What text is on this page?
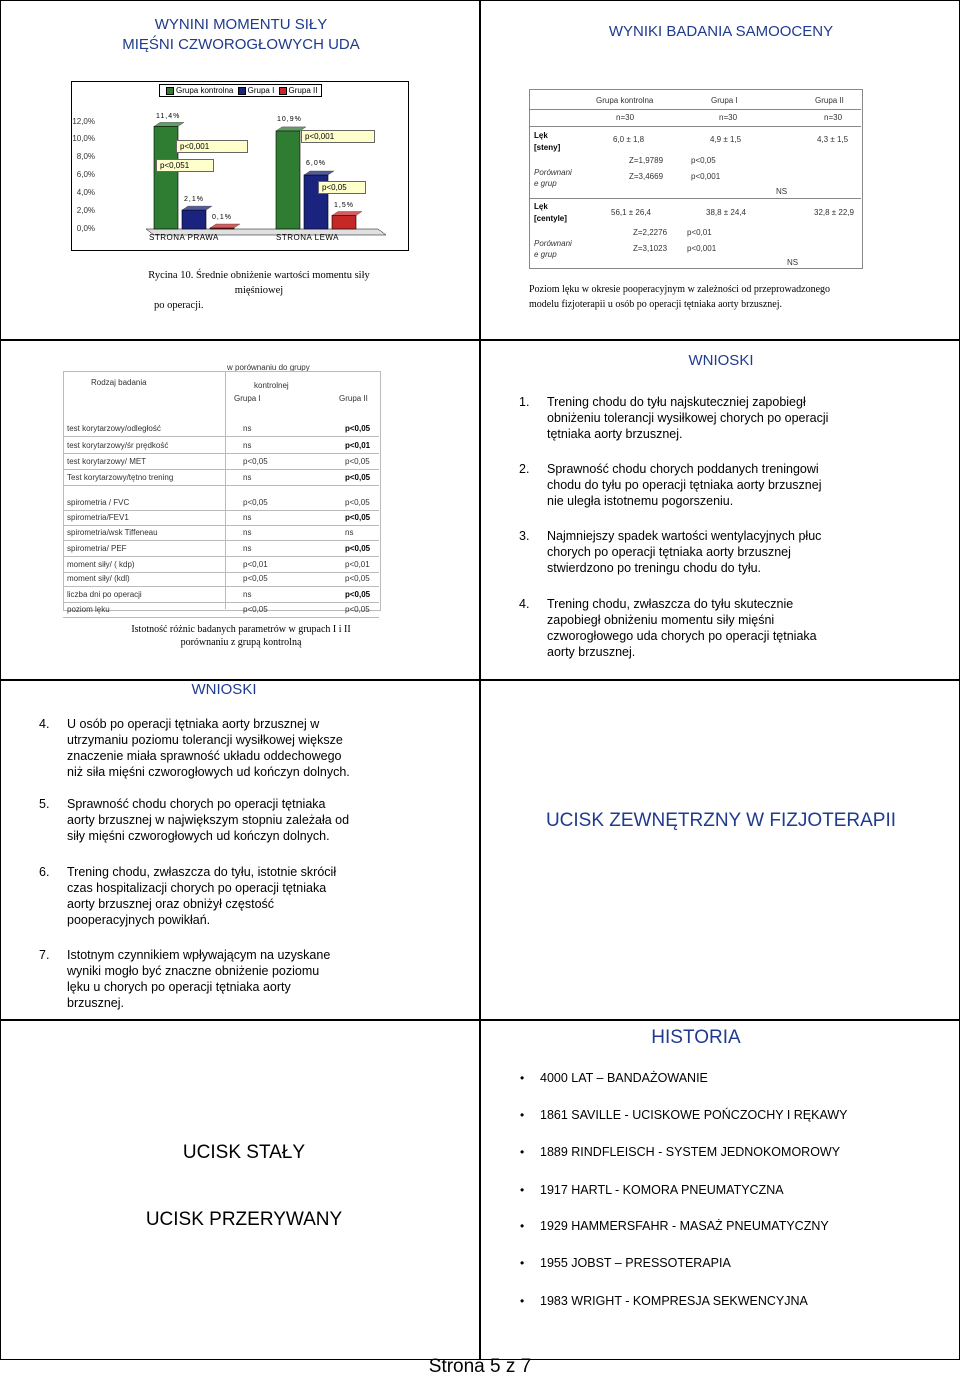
WYNINI MOMENTU SIŁY
MIĘŚNI CZWOROGŁOWYCH UDA
Grupa kontrolna Grupa I Grupa II
12,0%
10,0%
8,0%
6,0%
4,0%
2,0%
0,0%
11,4%
2,1%
0,1%
10,9%
6,0%
1,5%
p<0,001
p<0,051
p<0,001
p<0,05
STRONA PRAWA	STRONA LEWA
Rycina 10. Średnie obniżenie wartości momentu siły mięśniowej
po operacji.
WYNIKI BADANIA SAMOOCENY
Grupa kontrolna	Grupa I	Grupa II
n=30	n=30	n=30
Lęk
[steny]
6,0 ± 1,8	4,9 ± 1,5	4,3 ± 1,5
Porównani
e grup
Z=1,9789	p<0,05
Z=3,4669	p<0,001
NS
Lęk
[centyle]
56,1 ± 26,4	38,8 ± 24,4	32,8 ± 22,9
Porównani
e grup
Z=2,2276 p<0,01
Z=3,1023 p<0,001
NS
Poziom lęku w okresie pooperacyjnym w zależności od przeprowadzonego
modelu fizjoterapii u osób po operacji tętniaka aorty brzusznej.
w porównaniu do grupy
kontrolnej
Rodzaj badania
Grupa I	Grupa II
test korytarzowy/odległość	ns	p<0,05
test korytarzowy/śr prędkość	ns	p<0,01
test korytarzowy/ MET	p<0,05	p<0,05
Test korytarzowy/tętno trening	ns	p<0,05
spirometria / FVC	p<0,05	p<0,05
spirometria/FEV1	ns	p<0,05
spirometria/wsk Tiffeneau	ns	ns
spirometria/ PEF	ns	p<0,05
moment siły/ ( kdp)	p<0,01	p<0,01
moment siły/ (kdl)	p<0,05	p<0,05
liczba dni po operacji	ns	p<0,05
poziom lęku	p<0,05	p<0,05
Istotność różnic badanych parametrów w grupach I i II
porównaniu z grupą kontrolną
WNIOSKI
1. Trening chodu do tyłu najskuteczniej zapobiegł
obniżeniu tolerancji wysiłkowej chorych po operacji
tętniaka aorty brzusznej.
2. Sprawność chodu chorych poddanych treningowi
chodu do tyłu po operacji tętniaka aorty brzusznej
nie uległa istotnemu pogorszeniu.
3. Najmniejszy spadek wartości wentylacyjnych płuc
chorych po operacji tętniaka aorty brzusznej
stwierdzono po treningu chodu do tyłu.
4. Trening chodu, zwłaszcza do tyłu skutecznie
zapobiegł obniżeniu momentu siły mięśni
czworogłowego uda chorych po operacji tętniaka
aorty brzusznej.
WNIOSKI
4. U osób po operacji tętniaka aorty brzusznej w
utrzymaniu poziomu tolerancji wysiłkowej większe
znaczenie miała sprawność układu oddechowego
niż siła mięśni czworogłowych ud kończyn dolnych.
5. Sprawność chodu chorych po operacji tętniaka
aorty brzusznej w największym stopniu zależała od
siły mięśni czworogłowych ud kończyn dolnych.
6. Trening chodu, zwłaszcza do tyłu, istotnie skrócił
czas hospitalizacji chorych po operacji tętniaka
aorty brzusznej oraz obniżył częstość
pooperacyjnych powikłań.
7. Istotnym czynnikiem wpływającym na uzyskane
wyniki mogło być znaczne obniżenie poziomu
lęku u chorych po operacji tętniaka aorty
brzusznej.
UCISK ZEWNĘTRZNY W FIZJOTERAPII
UCISK STAŁY
UCISK PRZERYWANY
HISTORIA
• 4000 LAT – BANDAŻOWANIE
• 1861 SAVILLE - UCISKOWE POŃCZOCHY I RĘKAWY
• 1889 RINDFLEISCH - SYSTEM JEDNOKOMOROWY
• 1917 HARTL - KOMORA PNEUMATYCZNA
• 1929 HAMMERSFAHR - MASAŻ PNEUMATYCZNY
• 1955 JOBST – PRESSOTERAPIA
• 1983 WRIGHT - KOMPRESJA SEKWENCYJNA
Strona 5 z 7
